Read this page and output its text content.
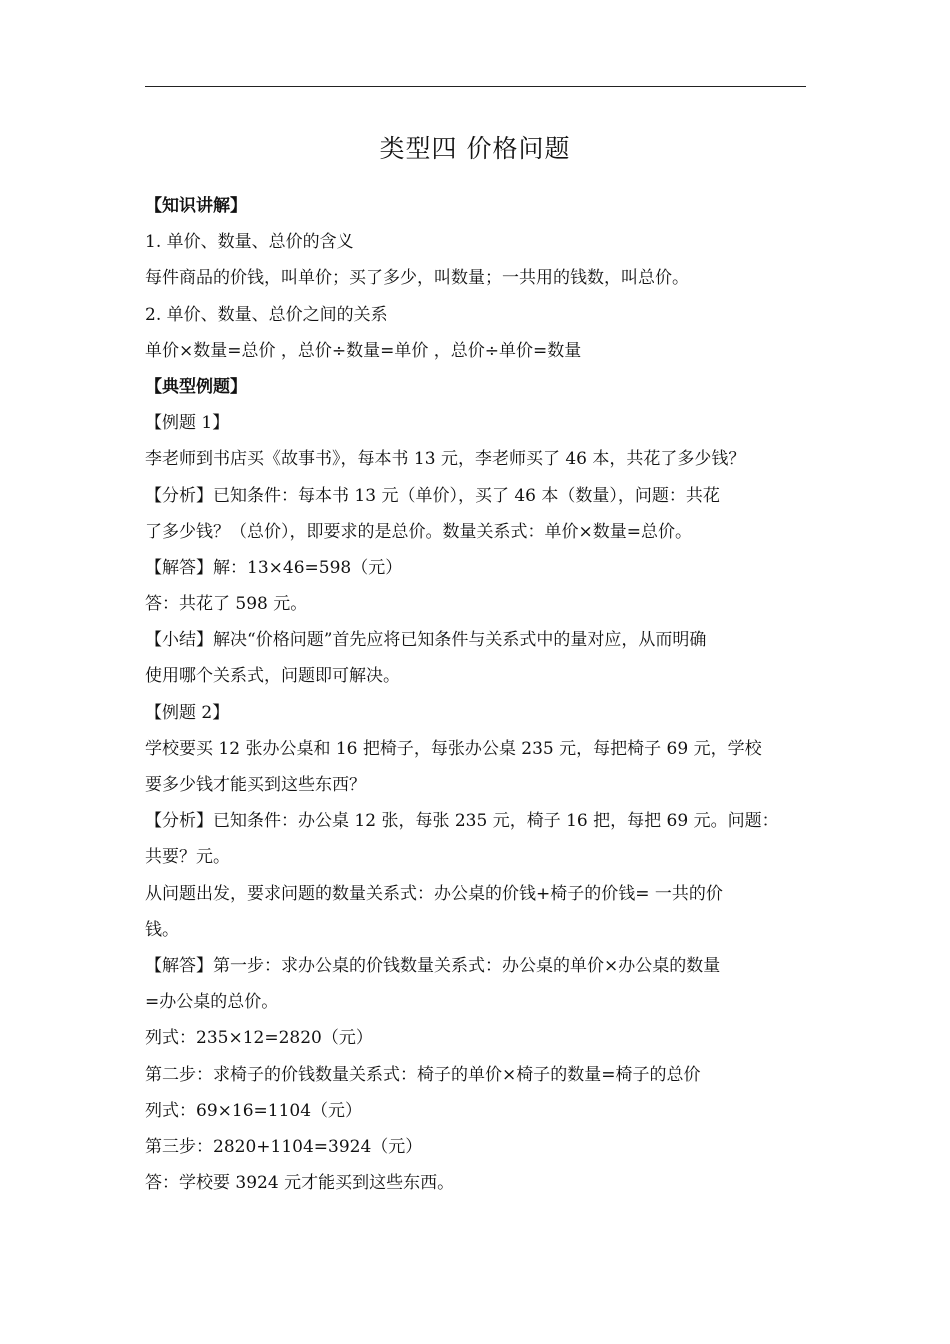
类型四 价格问题
【知识讲解】
1. 单价、数量、总价的含义
每件商品的价钱，叫单价；买了多少，叫数量；一共用的钱数，叫总价。
2. 单价、数量、总价之间的关系
单价×数量=总价 ，总价÷数量=单价 ，总价÷单价=数量
【典型例题】
【例题 1】
李老师到书店买《故事书》，每本书 13 元，李老师买了 46 本，共花了多少钱？
【分析】已知条件：每本书 13 元（单价），买了 46 本（数量），问题：共花
了多少钱？（总价），即要求的是总价。数量关系式：单价×数量=总价。
【解答】解：13×46=598（元）
答：共花了 598 元。
【小结】解决“价格问题”首先应将已知条件与关系式中的量对应，从而明确
使用哪个关系式，问题即可解决。
【例题 2】
学校要买 12 张办公桌和 16 把椅子，每张办公桌 235 元，每把椅子 69 元，学校
要多少钱才能买到这些东西？
【分析】已知条件：办公桌 12 张，每张 235 元，椅子 16 把，每把 69 元。问题：
共要？元。
从问题出发，要求问题的数量关系式：办公桌的价钱+椅子的价钱= 一共的价
钱。
【解答】第一步：求办公桌的价钱数量关系式：办公桌的单价×办公桌的数量
=办公桌的总价。
列式：235×12=2820（元）
第二步：求椅子的价钱数量关系式：椅子的单价×椅子的数量=椅子的总价
列式：69×16=1104（元）
第三步：2820+1104=3924（元）
答：学校要 3924 元才能买到这些东西。
